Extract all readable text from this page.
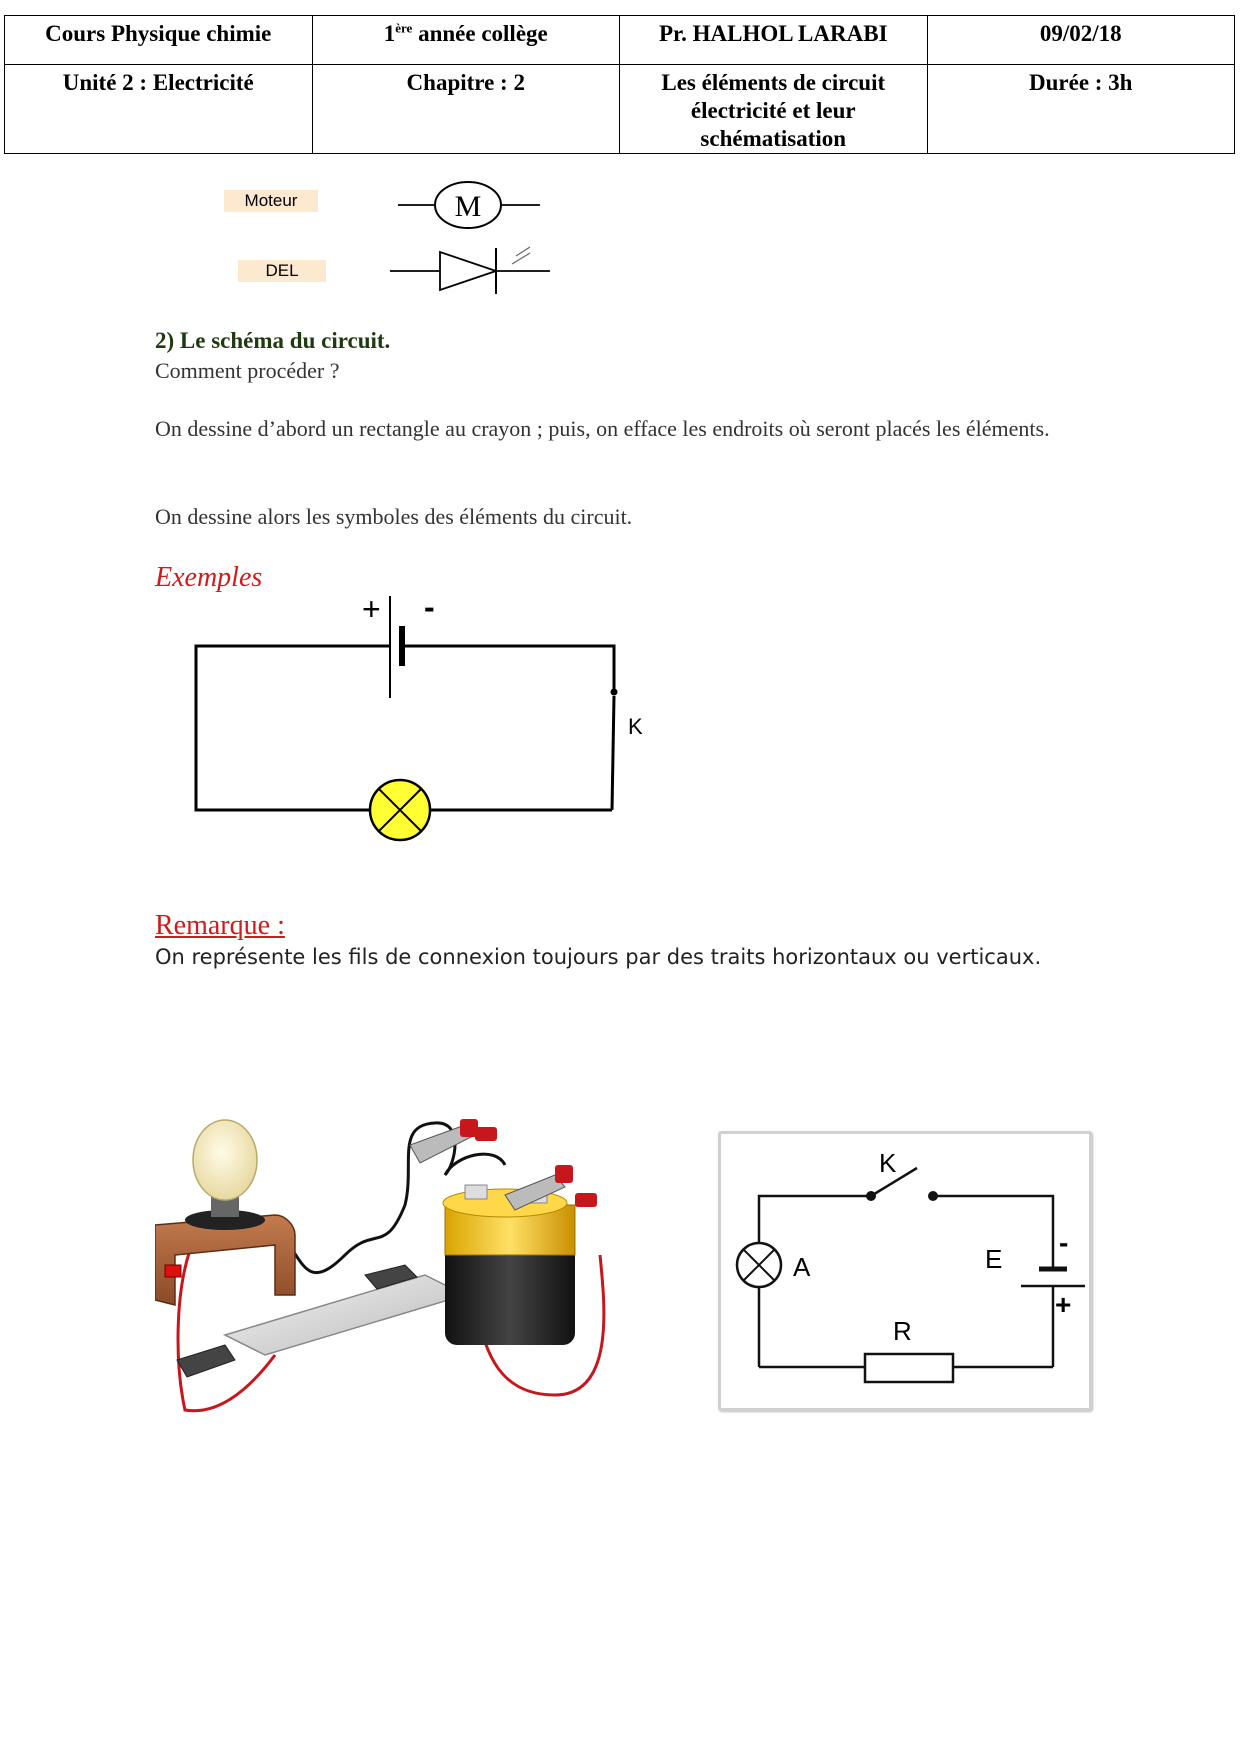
Cours Physique chimie	1ère année collège	Pr. HALHOL LARABI	09/02/18
Unité 2 : Electricité	Chapitre : 2	Les éléments de circuit électricité et leur schématisation	Durée : 3h
Moteur
DEL
M
2) Le schéma du circuit.
Comment procéder ?
On dessine d’abord un rectangle au crayon ; puis, on efface les endroits où seront placés les éléments.
On dessine alors les symboles des éléments du circuit.
Exemples
+ -
K
Remarque :
On représente les fils de connexion toujours par des traits horizontaux ou verticaux.
K
A	E
R
-
+
